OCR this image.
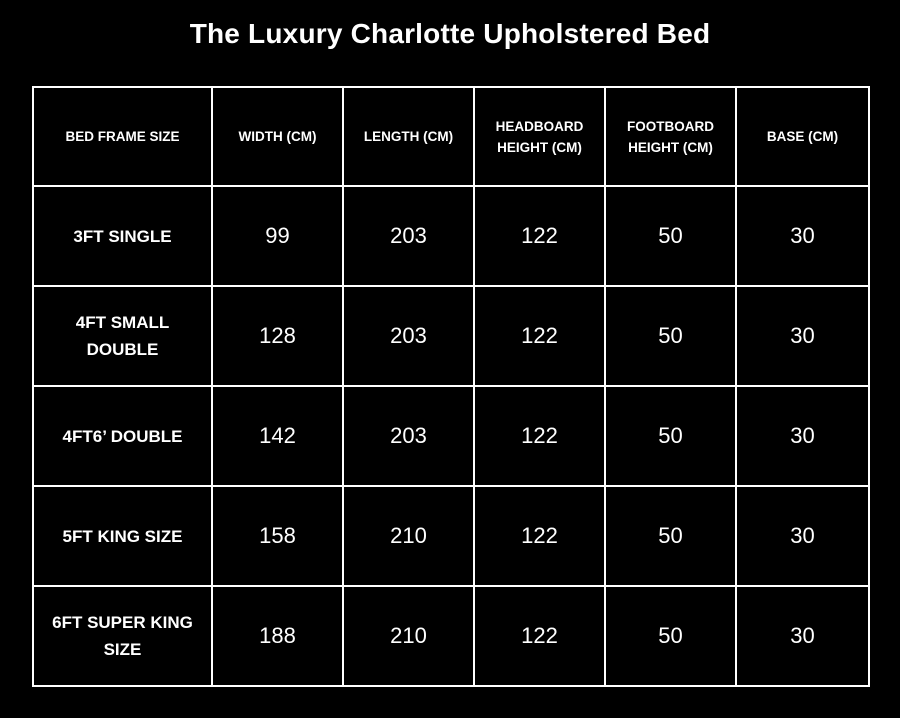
The Luxury Charlotte Upholstered Bed
BED FRAME SIZE	WIDTH (CM)	LENGTH (CM)	HEADBOARD HEIGHT (CM)	FOOTBOARD HEIGHT (CM)	BASE (CM)
3FT SINGLE	99	203	122	50	30
4FT SMALL DOUBLE	128	203	122	50	30
4FT6’ DOUBLE	142	203	122	50	30
5FT KING SIZE	158	210	122	50	30
6FT SUPER KING SIZE	188	210	122	50	30
